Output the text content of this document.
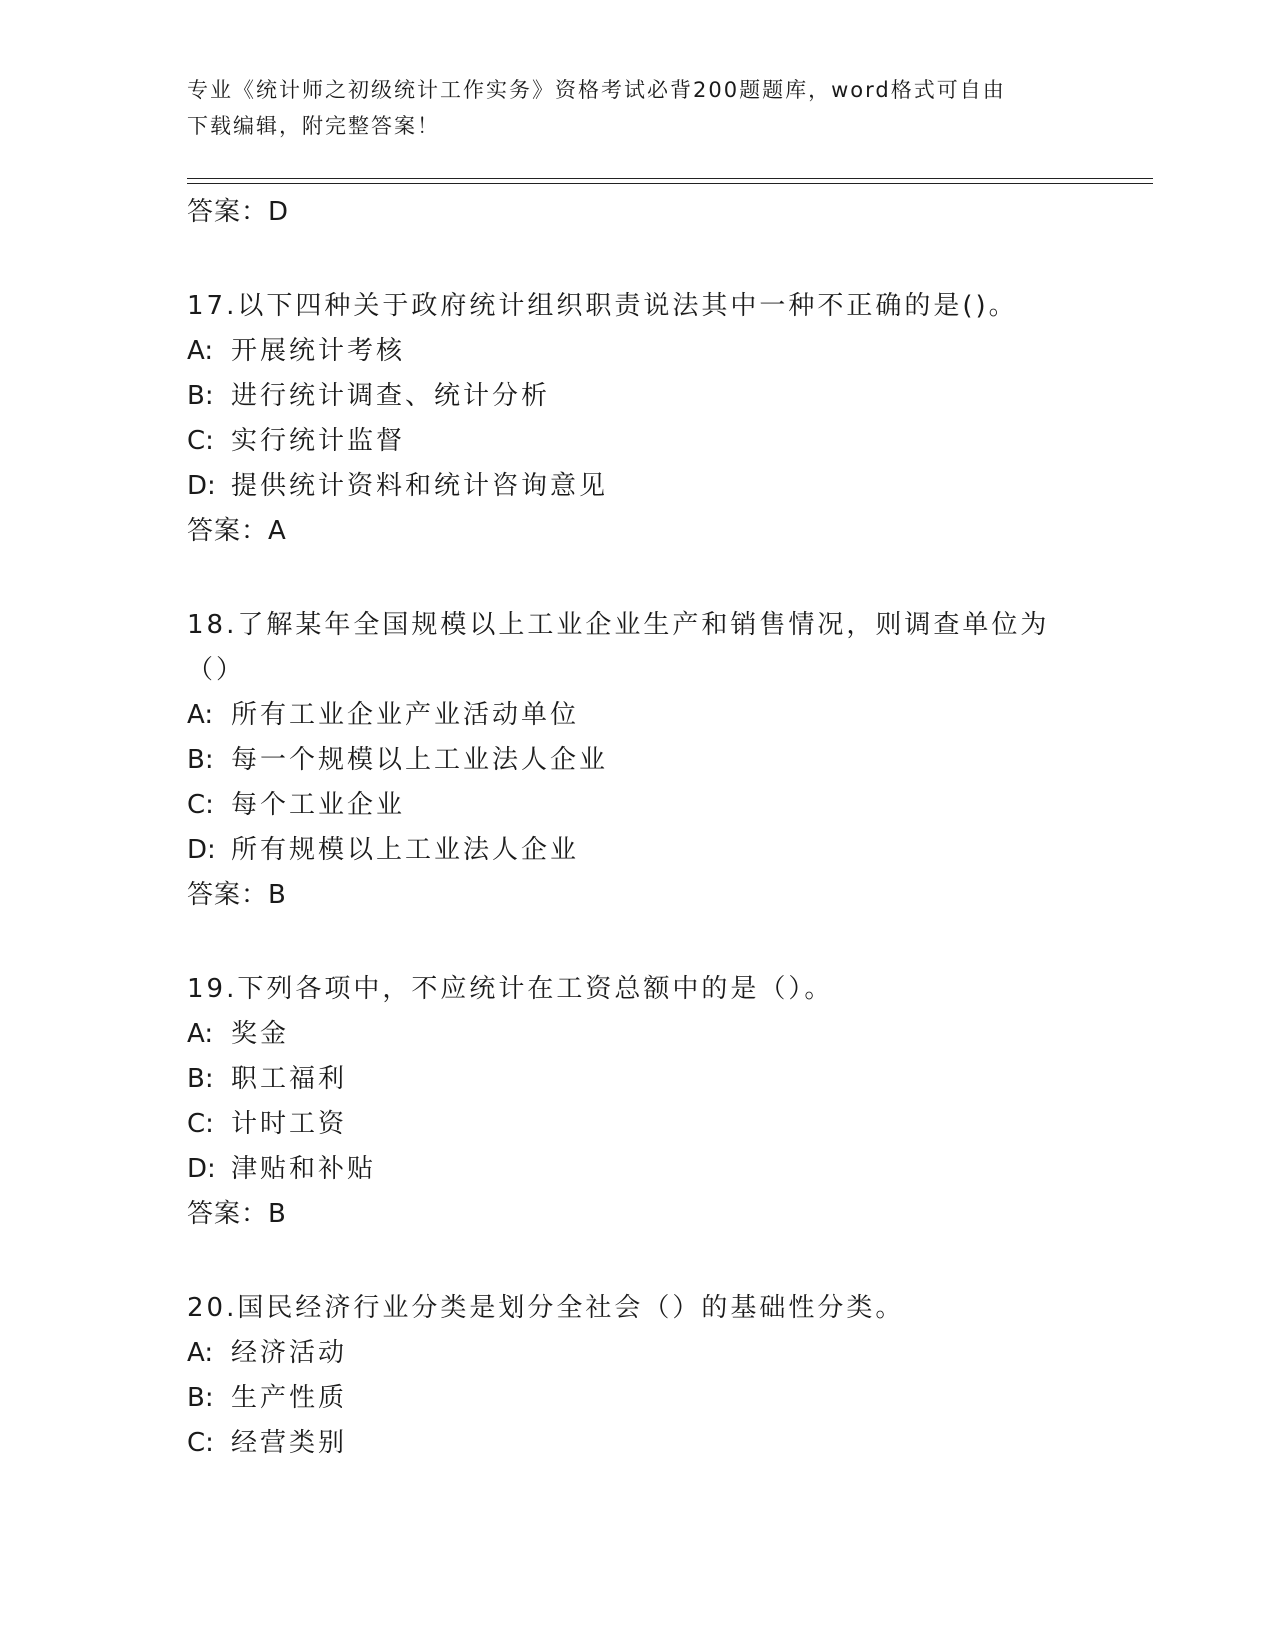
专业《统计师之初级统计工作实务》资格考试必背200题题库，word格式可自由
下载编辑，附完整答案！
答案：D
17.以下四种关于政府统计组织职责说法其中一种不正确的是()。
A: 开展统计考核
B: 进行统计调查、统计分析
C: 实行统计监督
D: 提供统计资料和统计咨询意见
答案：A
18.了解某年全国规模以上工业企业生产和销售情况，则调查单位为（）
A: 所有工业企业产业活动单位
B: 每一个规模以上工业法人企业
C: 每个工业企业
D: 所有规模以上工业法人企业
答案：B
19.下列各项中，不应统计在工资总额中的是（）。
A: 奖金
B: 职工福利
C: 计时工资
D: 津贴和补贴
答案：B
20.国民经济行业分类是划分全社会（）的基础性分类。
A: 经济活动
B: 生产性质
C: 经营类别
